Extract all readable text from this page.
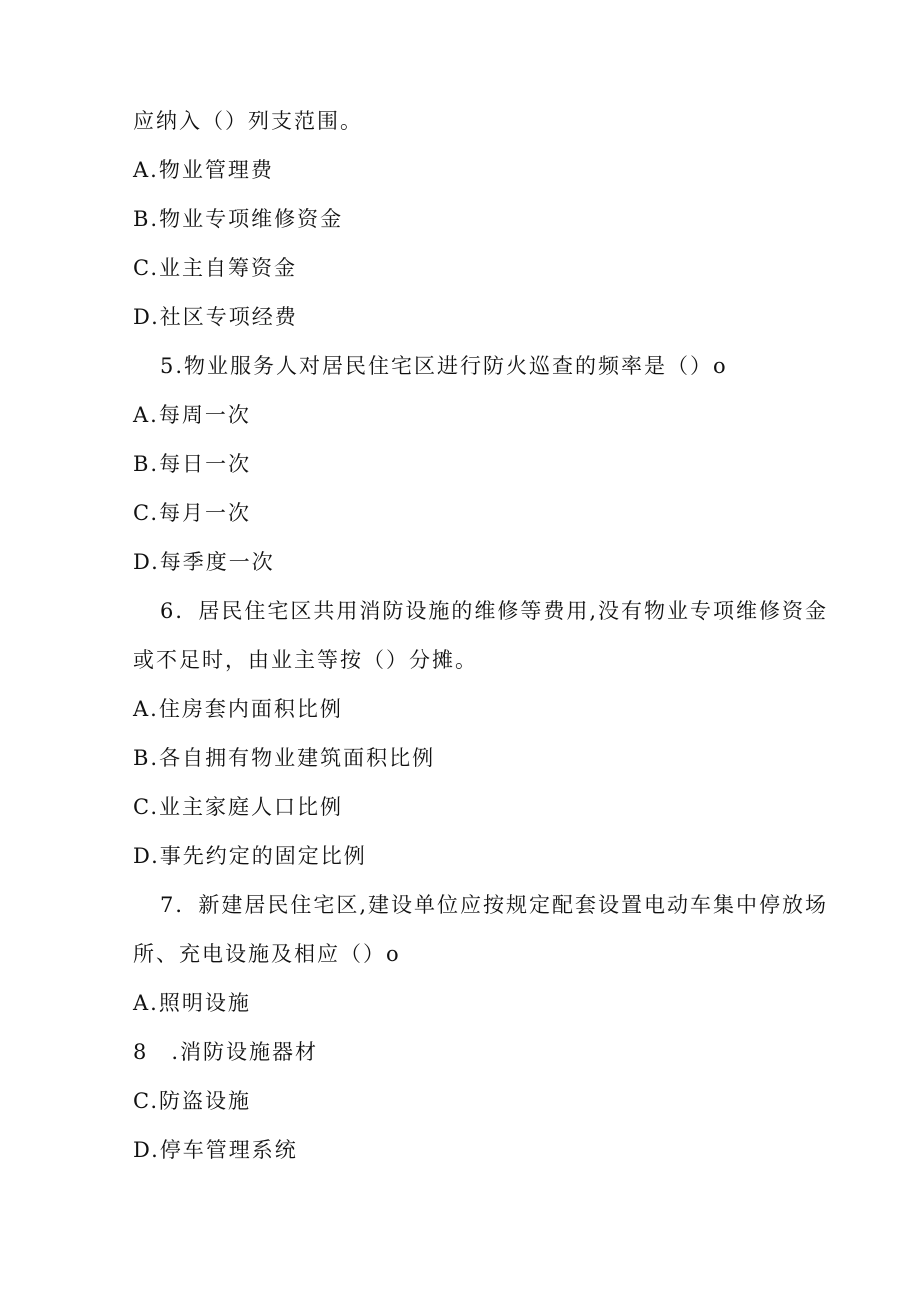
应纳入（）列支范围。
A.物业管理费
B.物业专项维修资金
C.业主自筹资金
D.社区专项经费
5.物业服务人对居民住宅区进行防火巡查的频率是（）o
A.每周一次
B.每日一次
C.每月一次
D.每季度一次
6．居民住宅区共用消防设施的维修等费用,没有物业专项维修资金
或不足时，由业主等按（）分摊。
A.住房套内面积比例
B.各自拥有物业建筑面积比例
C.业主家庭人口比例
D.事先约定的固定比例
7．新建居民住宅区,建设单位应按规定配套设置电动车集中停放场
所、充电设施及相应（）o
A.照明设施
8　.消防设施器材
C.防盗设施
D.停车管理系统
